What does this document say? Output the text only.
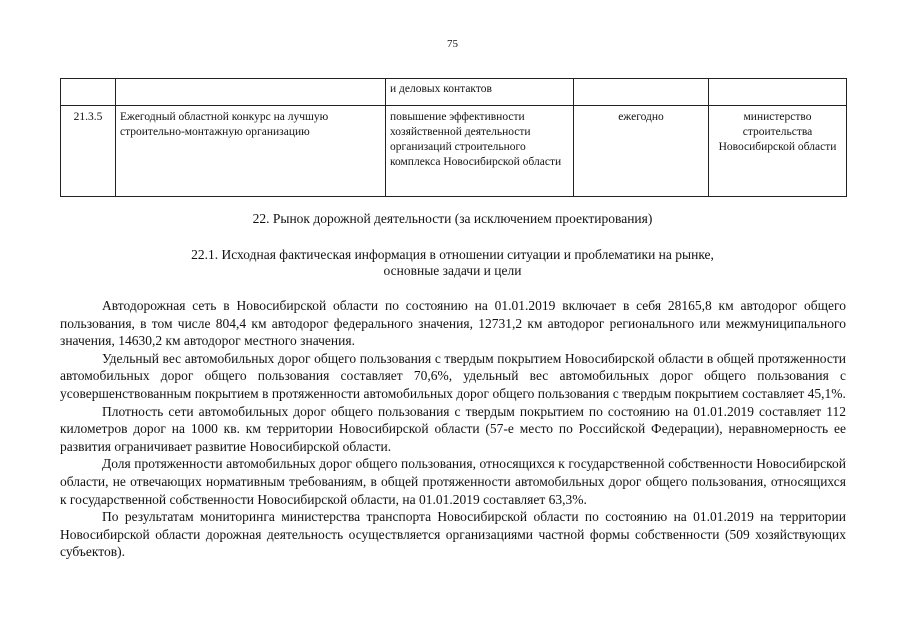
75
		и деловых контактов		
21.3.5	Ежегодный областной конкурс на лучшую строительно-монтажную организацию	повышение эффективности хозяйственной деятельности организаций строительного комплекса Новосибирской области	ежегодно	министерство строительства Новосибирской области
22. Рынок дорожной деятельности (за исключением проектирования)
22.1. Исходная фактическая информация в отношении ситуации и проблематики на рынке,
основные задачи и цели

Автодорожная сеть в Новосибирской области по состоянию на 01.01.2019 включает в себя 28165,8 км автодорог общего пользования, в том числе 804,4 км автодорог федерального значения, 12731,2 км автодорог регионального или межмуниципального значения, 14630,2 км автодорог местного значения.

Удельный вес автомобильных дорог общего пользования с твердым покрытием Новосибирской области в общей протяженности автомобильных дорог общего пользования составляет 70,6%, удельный вес автомобильных дорог общего пользования с усовершенствованным покрытием в протяженности автомобильных дорог общего пользования с твердым покрытием составляет 45,1%.

Плотность сети автомобильных дорог общего пользования с твердым покрытием по состоянию на 01.01.2019 составляет 112 километров дорог на 1000 кв. км территории Новосибирской области (57-е место по Российской Федерации), неравномерность ее развития ограничивает развитие Новосибирской области.

Доля протяженности автомобильных дорог общего пользования, относящихся к государственной собственности Новосибирской области, не отвечающих нормативным требованиям, в общей протяженности автомобильных дорог общего пользования, относящихся к государственной собственности Новосибирской области, на 01.01.2019 составляет 63,3%.

По результатам мониторинга министерства транспорта Новосибирской области по состоянию на 01.01.2019 на территории Новосибирской области дорожная деятельность осуществляется организациями частной формы собственности (509 хозяйствующих субъектов).
